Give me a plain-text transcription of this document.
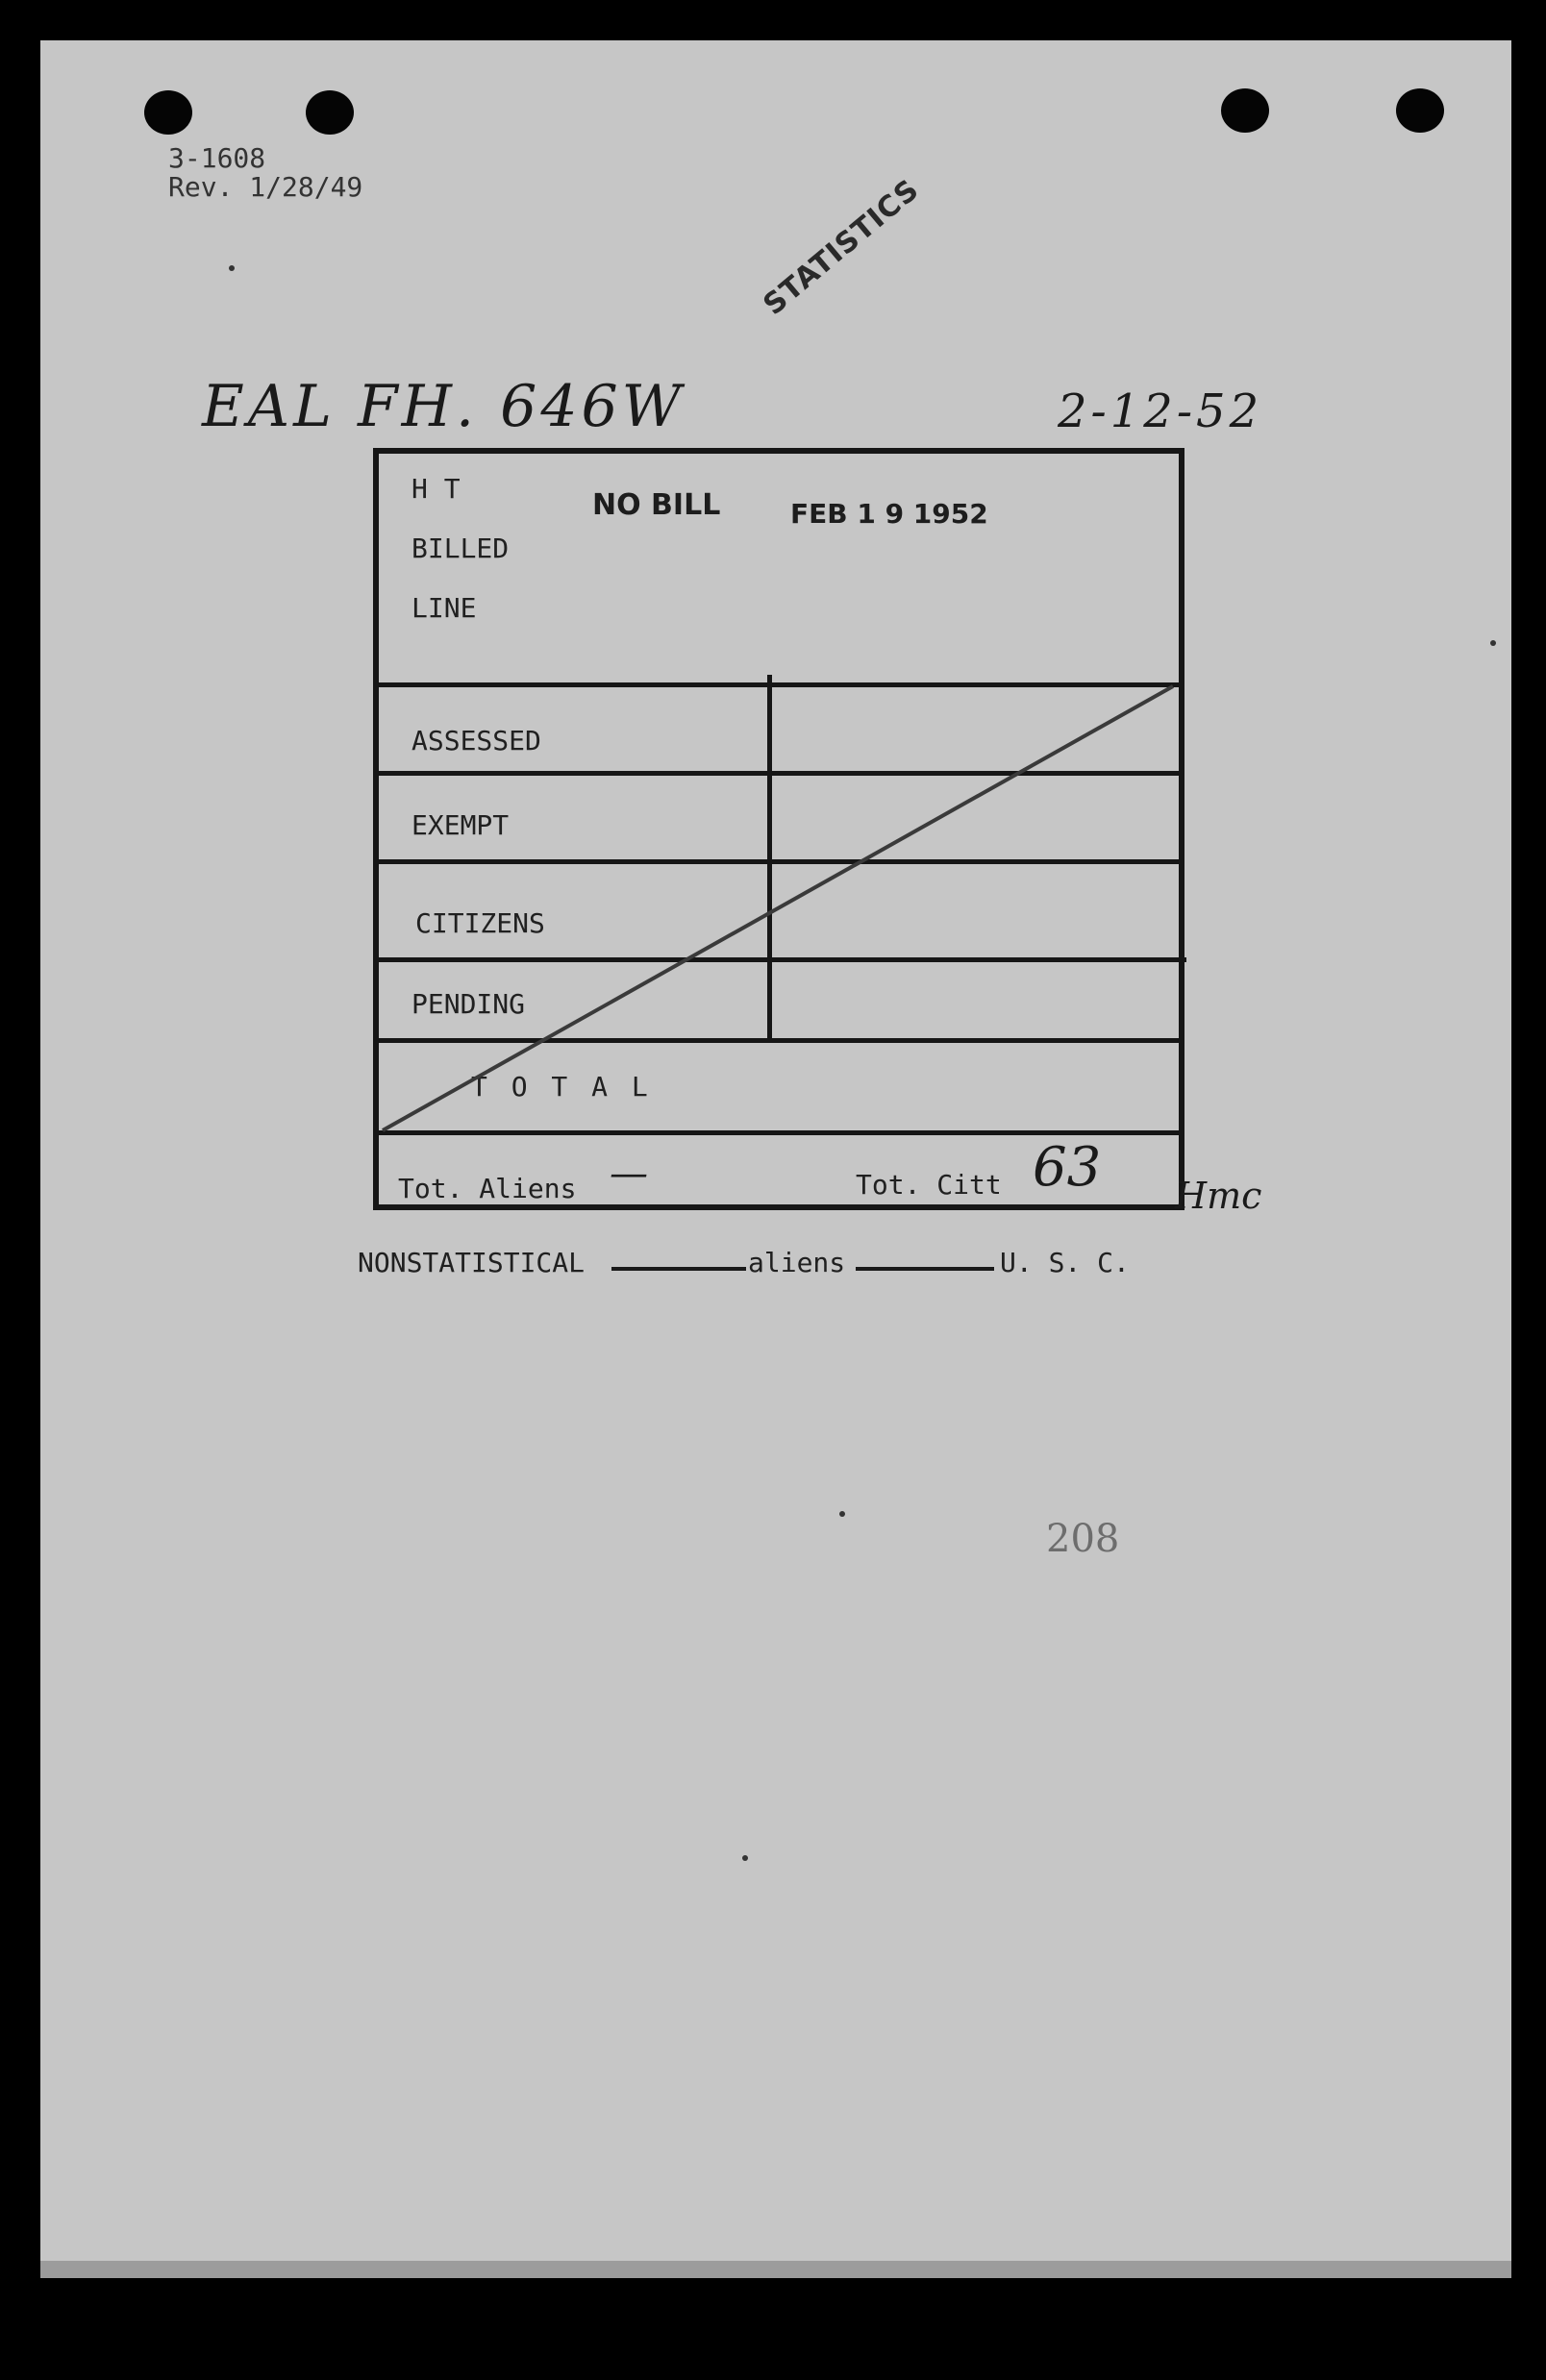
3-1608
Rev. 1/28/49	STATISTICS
EAL FH. 646W	2-12-52
H T
BILLED
LINE
NO BILL	FEB 1 9 1952
ASSESSED
EXEMPT
CITIZENS
PENDING
T O T A L
Tot. Aliens —	Tot. Citt 63 Hmc
NONSTATISTICAL	aliens	U. S. C.
208
